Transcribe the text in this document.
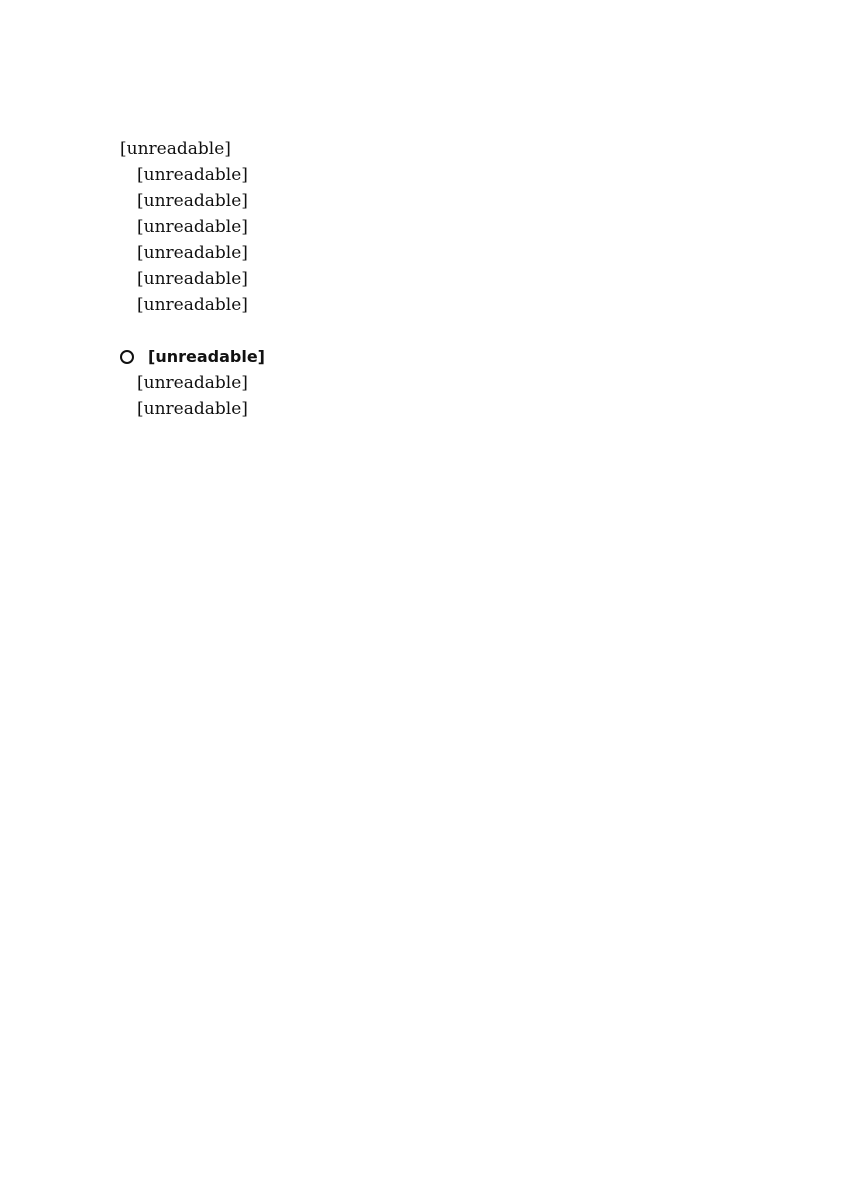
[unreadable]

[unreadable]

[unreadable]

[unreadable]

[unreadable]

[unreadable]

[unreadable]

[unreadable]

[unreadable]

[unreadable]
